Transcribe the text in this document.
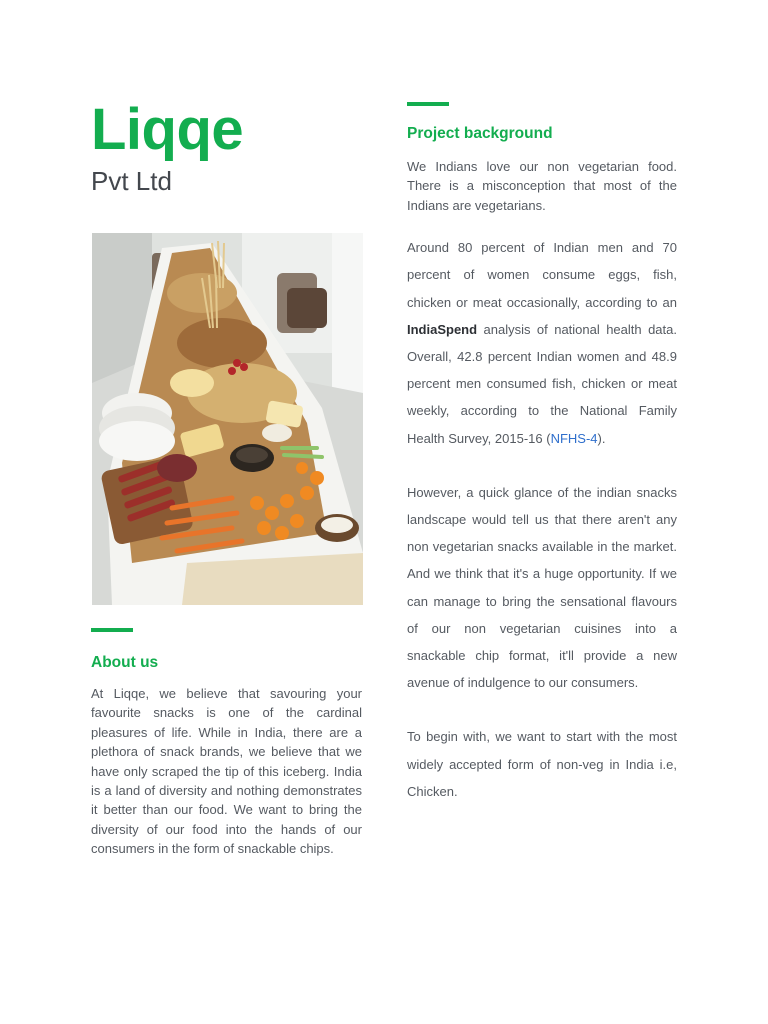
Liqqe
Pvt Ltd
About us

At Liqqe, we believe that savouring your favourite snacks is one of the cardinal pleasures of life. While in India, there are a plethora of snack brands, we believe that we have only scraped the tip of this iceberg. India is a land of diversity and nothing demonstrates it better than our food. We want to bring the diversity of our food into the hands of our consumers in the form of snackable chips.

Project background

We Indians love our non vegetarian food. There is a misconception that most of the Indians are vegetarians.

Around 80 percent of Indian men and 70 percent of women consume eggs, fish, chicken or meat occasionally, according to an IndiaSpend analysis of national health data. Overall, 42.8 percent Indian women and 48.9 percent men consumed fish, chicken or meat weekly, according to the National Family Health Survey, 2015-16 (NFHS-4).

However, a quick glance of the indian snacks landscape would tell us that there aren't any non vegetarian snacks available in the market. And we think that it's a huge opportunity. If we can manage to bring the sensational flavours of our non vegetarian cuisines into a snackable chip format, it'll provide a new avenue of indulgence to our consumers.

To begin with, we want to start with the most widely accepted form of non-veg in India i.e, Chicken.
